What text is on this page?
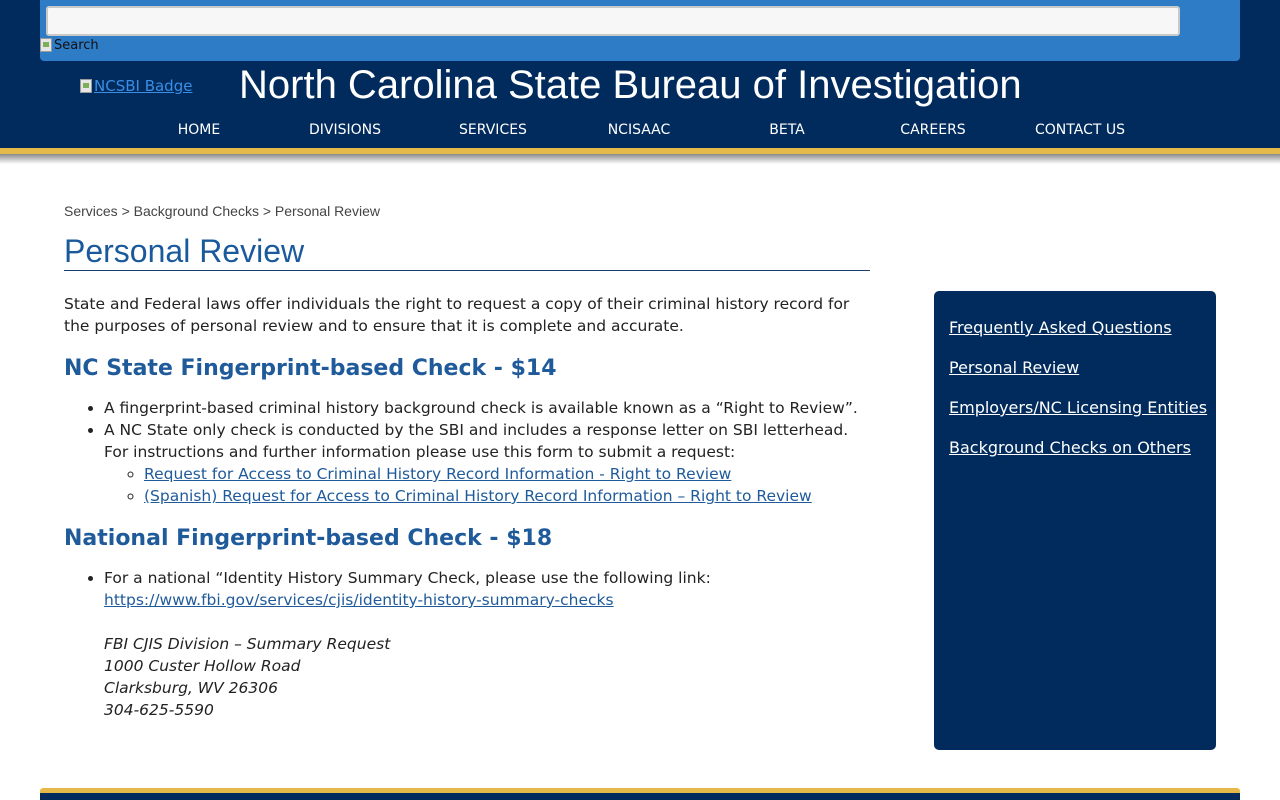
Search
NCSBI Badge North Carolina State Bureau of Investigation
HOME	DIVISIONS	SERVICES	NCISAAC	BETA	CAREERS	CONTACT US
Services > Background Checks > Personal Review
Personal Review

State and Federal laws offer individuals the right to request a copy of their criminal history record for the purposes of personal review and to ensure that it is complete and accurate.

NC State Fingerprint-based Check - $14
• A fingerprint-based criminal history background check is available known as a “Right to Review”.
• A NC State only check is conducted by the SBI and includes a response letter on SBI letterhead. For instructions and further information please use this form to submit a request:
◦ Request for Access to Criminal History Record Information - Right to Review
◦ (Spanish) Request for Access to Criminal History Record Information – Right to Review
National Fingerprint-based Check - $18
• For a national “Identity History Summary Check, please use the following link:
https://www.fbi.gov/services/cjis/identity-history-summary-checks
FBI CJIS Division – Summary Request
1000 Custer Hollow Road
Clarksburg, WV 26306
304-625-5590
Frequently Asked Questions
Personal Review
Employers/NC Licensing Entities
Background Checks on Others
